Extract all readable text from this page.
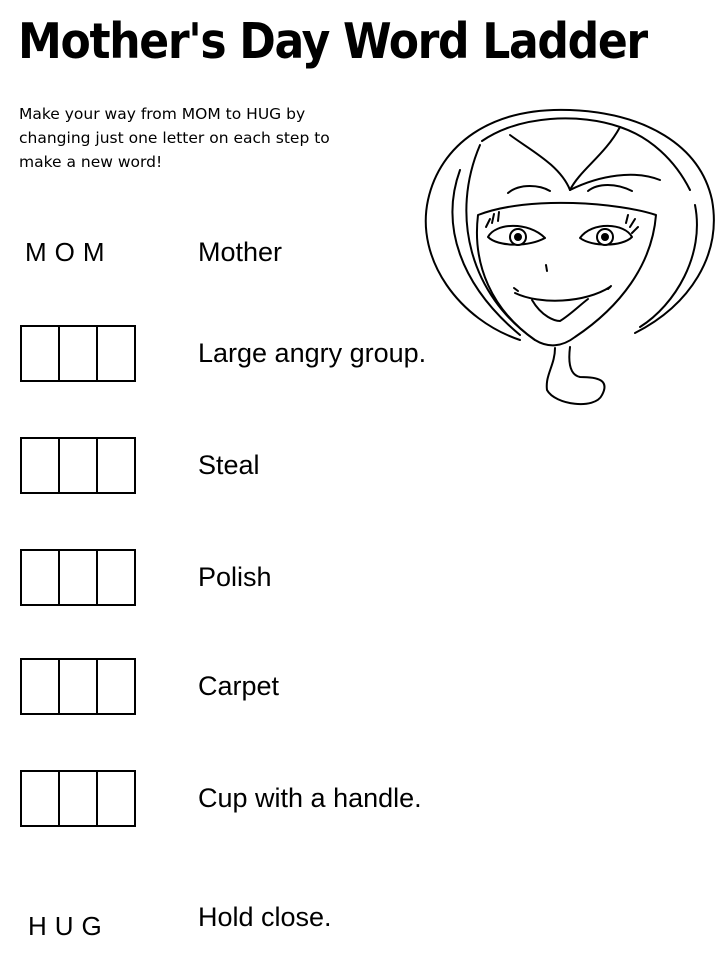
Mother's Day Word Ladder

Make your way from MOM to HUG by
changing just one letter on each step to
make a new word!

MOM	Mother

Large angry group.

Steal

Polish

Carpet

Cup with a handle.

HUG	Hold close.
